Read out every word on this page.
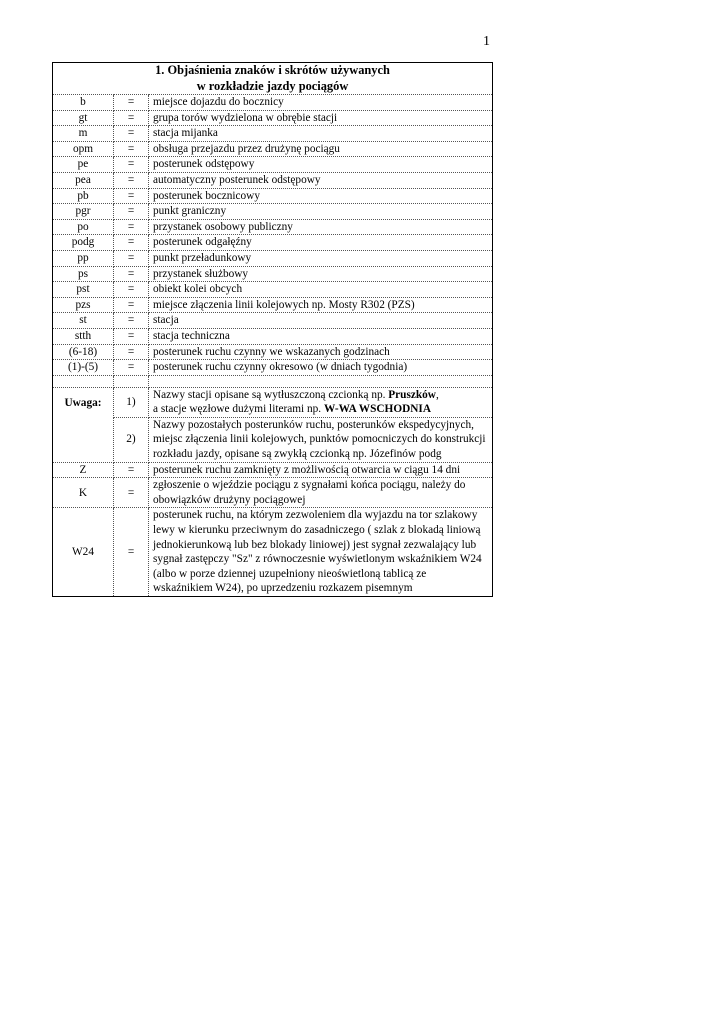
1
1. Objaśnienia znaków i skrótów używanych
w rozkładzie jazdy pociągów		

b	=	miejsce dojazdu do bocznicy
gt	=	grupa torów wydzielona w obrębie stacji
m	=	stacja mijanka
opm	=	obsługa przejazdu przez drużynę pociągu
pe	=	posterunek odstępowy
pea	=	automatyczny posterunek odstępowy
pb	=	posterunek bocznicowy
pgr	=	punkt graniczny
po	=	przystanek osobowy publiczny
podg	=	posterunek odgałęźny
pp	=	punkt przeładunkowy
ps	=	przystanek służbowy
pst	=	obiekt kolei obcych
pzs	=	miejsce złączenia linii kolejowych np. Mosty R302 (PZS)
st	=	stacja
stth	=	stacja techniczna
(6-18)	=	posterunek ruchu czynny we wskazanych godzinach
(1)-(5)	=	posterunek ruchu czynny okresowo (w dniach tygodnia)

Uwaga:	1)	Nazwy stacji opisane są wytłuszczoną czcionką np. Pruszków,
a stacje węzłowe dużymi literami np. W-WA WSCHODNIA
	2)	Nazwy pozostałych posterunków ruchu, posterunków ekspedycyjnych, miejsc złączenia linii kolejowych, punktów pomocniczych do konstrukcji rozkładu jazdy, opisane są zwykłą czcionką np. Józefinów podg
Z	=	posterunek ruchu zamknięty z możliwością otwarcia w ciągu 14 dni
K	=	zgłoszenie o wjeździe pociągu z sygnałami końca pociągu, należy do obowiązków drużyny pociągowej
W24	=	posterunek ruchu, na którym zezwoleniem dla wyjazdu na tor szlakowy lewy w kierunku przeciwnym do zasadniczego ( szlak z blokadą liniową jednokierunkową lub bez blokady liniowej) jest sygnał zezwalający lub sygnał zastępczy "Sz" z równoczesnie wyświetlonym wskaźnikiem W24 (albo w porze dziennej uzupełniony nieoświetloną tablicą ze wskaźnikiem W24), po uprzedzeniu rozkazem pisemnym
